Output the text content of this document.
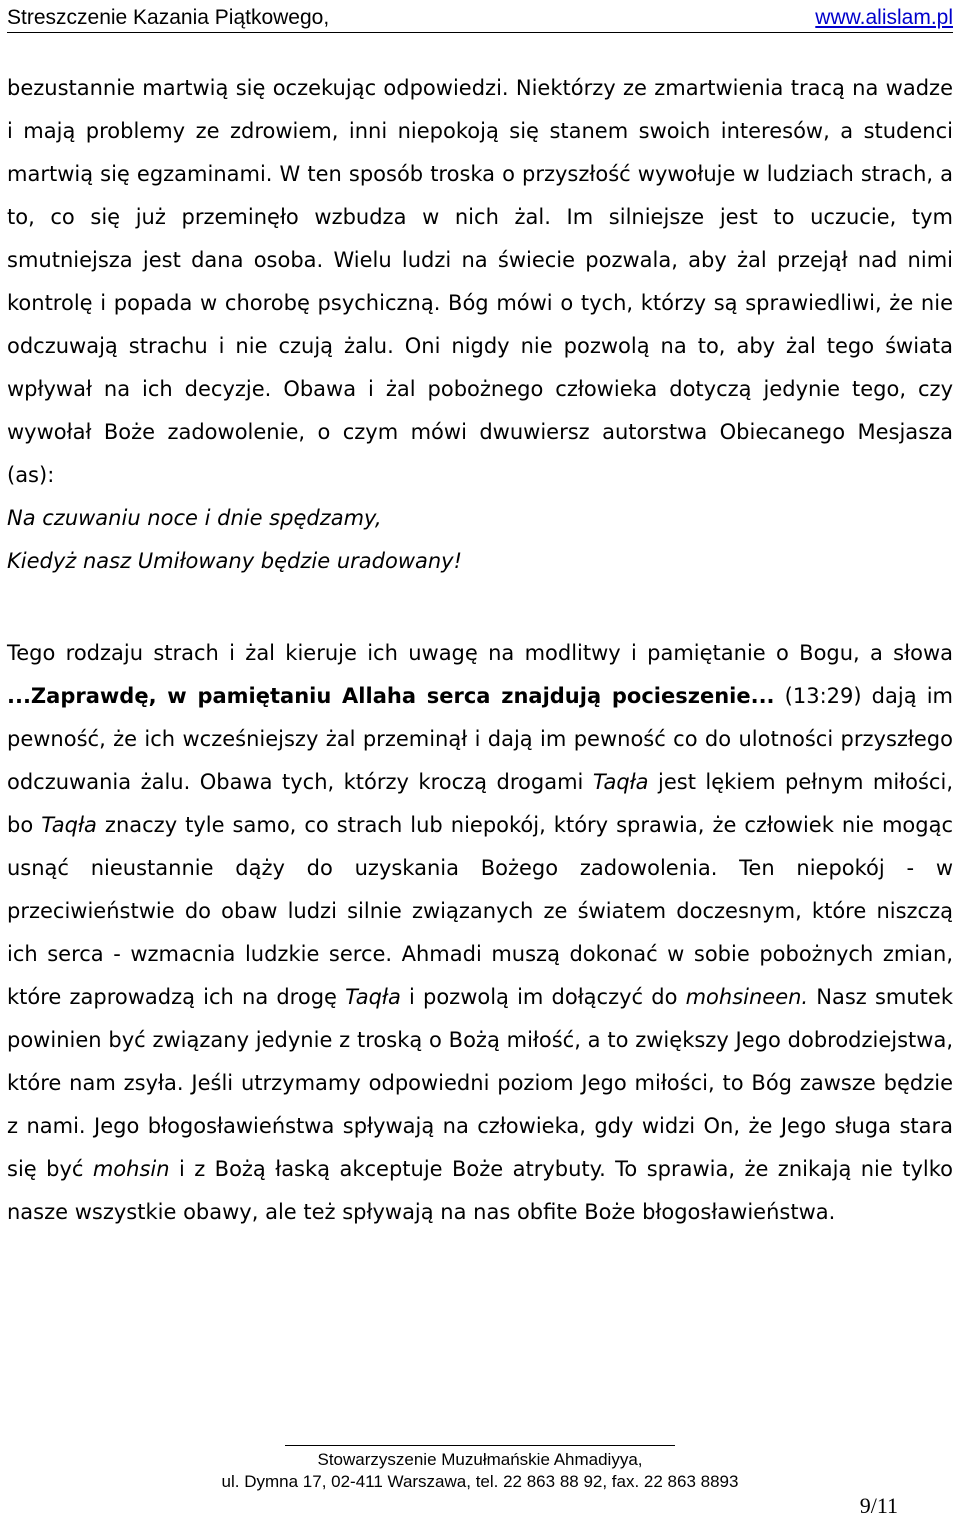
Streszczenie Kazania Piątkowego,	www.alislam.pl

bezustannie martwią się oczekując odpowiedzi. Niektórzy ze zmartwienia tracą na wadze i mają problemy ze zdrowiem, inni niepokoją się stanem swoich interesów, a studenci martwią się egzaminami. W ten sposób troska o przyszłość wywołuje w ludziach strach, a to, co się już przeminęło wzbudza w nich żal. Im silniejsze jest to uczucie, tym smutniejsza jest dana osoba. Wielu ludzi na świecie pozwala, aby żal przejął nad nimi kontrolę i popada w chorobę psychiczną. Bóg mówi o tych, którzy są sprawiedliwi, że nie odczuwają strachu i nie czują żalu. Oni nigdy nie pozwolą na to, aby żal tego świata wpływał na ich decyzje. Obawa i żal pobożnego człowieka dotyczą jedynie tego, czy wywołał Boże zadowolenie, o czym mówi dwuwiersz autorstwa Obiecanego Mesjasza (as):

Na czuwaniu noce i dnie spędzamy,

Kiedyż nasz Umiłowany będzie uradowany!

Tego rodzaju strach i żal kieruje ich uwagę na modlitwy i pamiętanie o Bogu, a słowa ...Zaprawdę, w pamiętaniu Allaha serca znajdują pocieszenie... (13:29) dają im pewność, że ich wcześniejszy żal przeminął i dają im pewność co do ulotności przyszłego odczuwania żalu. Obawa tych, którzy kroczą drogami Taqła jest lękiem pełnym miłości, bo Taqła znaczy tyle samo, co strach lub niepokój, który sprawia, że człowiek nie mogąc usnąć nieustannie dąży do uzyskania Bożego zadowolenia. Ten niepokój - w przeciwieństwie do obaw ludzi silnie związanych ze światem doczesnym, które niszczą ich serca - wzmacnia ludzkie serce. Ahmadi muszą dokonać w sobie pobożnych zmian, które zaprowadzą ich na drogę Taqła i pozwolą im dołączyć do mohsineen. Nasz smutek powinien być związany jedynie z troską o Bożą miłość, a to zwiększy Jego dobrodziejstwa, które nam zsyła. Jeśli utrzymamy odpowiedni poziom Jego miłości, to Bóg zawsze będzie z nami. Jego błogosławieństwa spływają na człowieka, gdy widzi On, że Jego sługa stara się być mohsin i z Bożą łaską akceptuje Boże atrybuty. To sprawia, że znikają nie tylko nasze wszystkie obawy, ale też spływają na nas obfite Boże błogosławieństwa.

Stowarzyszenie Muzułmańskie Ahmadiyya,
ul. Dymna 17, 02-411 Warszawa, tel. 22 863 88 92, fax. 22 863 8893
9/11
